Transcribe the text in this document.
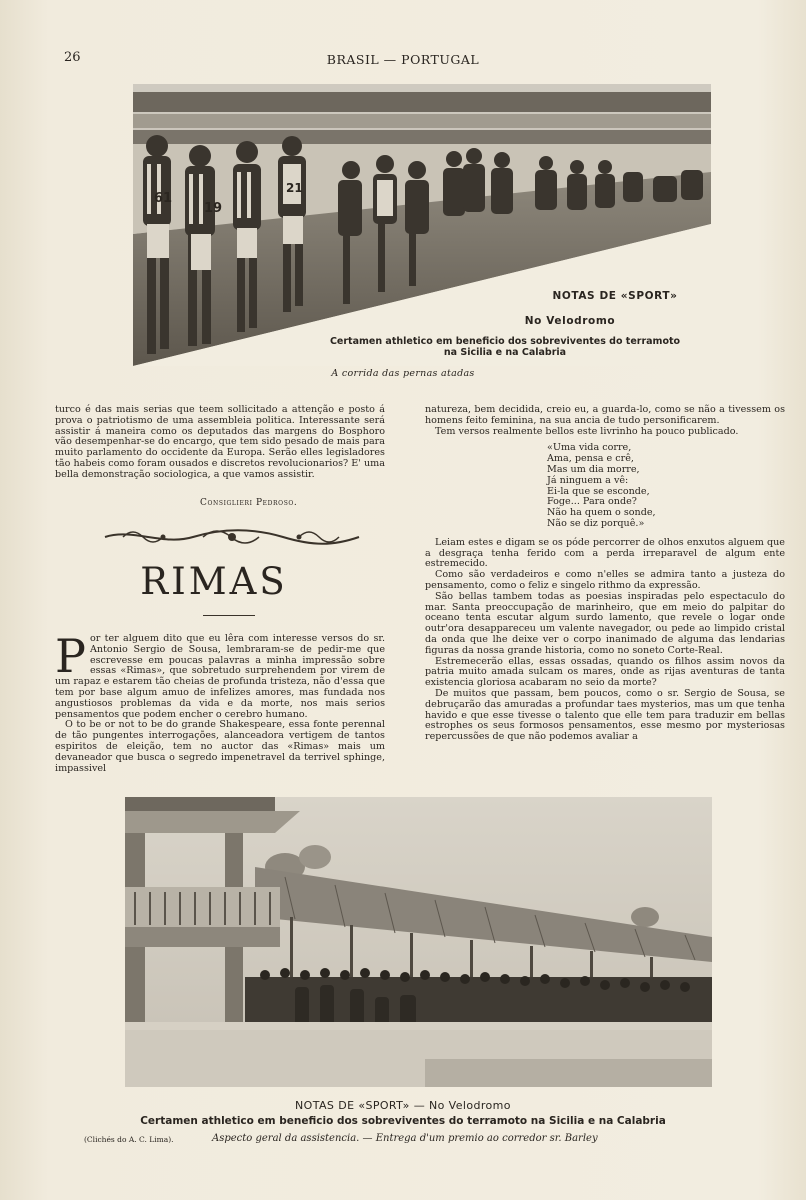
26	BRASIL — PORTUGAL
61
19
21
NOTAS DE «SPORT»
No Velodromo
Certamen athletico em beneficio dos sobreviventes do terramoto
na Sicilia e na Calabria
A corrida das pernas atadas

turco é das mais serias que teem sollicitado a attenção e posto á prova o patriotismo de uma assembleia politica. Interessante será assistir á maneira como os deputados das margens do Bosphoro vão desempenhar-se do encargo, que tem sido pesado de mais para muito parlamento do occidente da Europa. Serão elles legisladores tão habeis como foram ousados e discretos revolucionarios? E' uma bella demonstração sociologica, a que vamos assistir.

Consiglieri Pedroso.
RIMAS

Por ter alguem dito que eu lêra com interesse versos do sr. Antonio Sergio de Sousa, lembraram-se de pedir-me que escrevesse em poucas palavras a minha impressão sobre essas «Rimas», que sobretudo surprehendem por virem de um rapaz e estarem tão cheias de profunda tristeza, não d'essa que tem por base algum amuo de infelizes amores, mas fundada nos angustiosos problemas da vida e da morte, nos mais serios pensamentos que podem encher o cerebro humano.

O to be or not to be do grande Shakespeare, essa fonte perennal de tão pungentes interrogações, alanceadora vertigem de tantos espiritos de eleição, tem no auctor das «Rimas» mais um devaneador que busca o segredo impenetravel da terrivel sphinge, impassivel

natureza, bem decidida, creio eu, a guarda-lo, como se não a tivessem os homens feito feminina, na sua ancia de tudo personificarem.

Tem versos realmente bellos este livrinho ha pouco publicado.

«Uma vida corre,
Ama, pensa e crê,
Mas um dia morre,
Já ninguem a vê:
Ei-la que se esconde,
Foge... Para onde?
Não ha quem o sonde,
Não se diz porquê.»

Leiam estes e digam se os póde percorrer de olhos enxutos alguem que a desgraça tenha ferido com a perda irreparavel de algum ente estremecido.

Como são verdadeiros e como n'elles se admira tanto a justeza do pensamento, como o feliz e singelo rithmo da expressão.

São bellas tambem todas as poesias inspiradas pelo espectaculo do mar. Santa preoccupação de marinheiro, que em meio do palpitar do oceano tenta escutar algum surdo lamento, que revele o logar onde outr'ora desappareceu um valente navegador, ou pede ao limpido cristal da onda que lhe deixe ver o corpo inanimado de alguma das lendarias figuras da nossa grande historia, como no soneto Corte-Real.

Estremecerão ellas, essas ossadas, quando os filhos assim novos da patria muito amada sulcam os mares, onde as rijas aventuras de tanta existencia gloriosa acabaram no seio da morte?

De muitos que passam, bem poucos, como o sr. Sergio de Sousa, se debruçarão das amuradas a profundar taes mysterios, mas um que tenha havido e que esse tivesse o talento que elle tem para traduzir em bellas estrophes os seus formosos pensamentos, esse mesmo por mysteriosas repercussões de que não podemos avaliar a

NOTAS DE «SPORT» — No Velodromo
Certamen athletico em beneficio dos sobreviventes do terramoto na Sicilia e na Calabria
(Clichés do A. C. Lima).	Aspecto geral da assistencia. — Entrega d'um premio ao corredor sr. Barley
